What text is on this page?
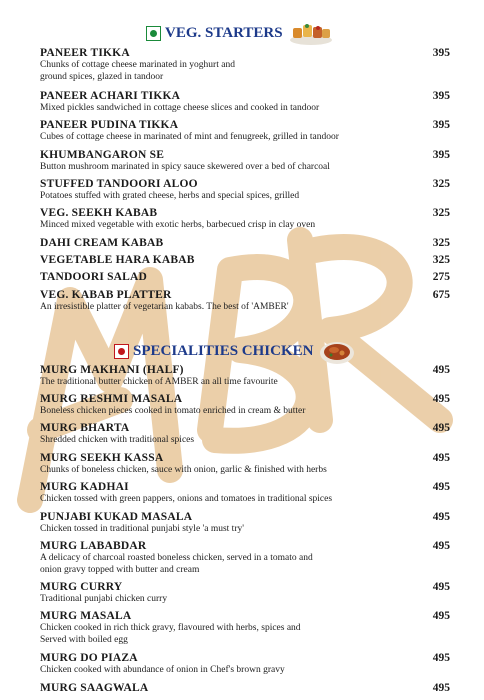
VEG. STARTERS
PANEER TIKKA	395
Chunks of cottage cheese marinated in yoghurt and
ground spices, glazed in tandoor
PANEER ACHARI TIKKA	395
Mixed pickles sandwiched in cottage cheese slices and cooked in tandoor
PANEER PUDINA TIKKA	395
Cubes of cottage cheese in marinated of mint and fenugreek, grilled in tandoor
KHUMBANGARON SE	395
Button mushroom marinated in spicy sauce skewered over a bed of charcoal
STUFFED TANDOORI ALOO	325
Potatoes stuffed with grated cheese, herbs and special spices, grilled
VEG. SEEKH KABAB	325
Minced mixed vegetable with exotic herbs, barbecued crisp in clay oven
DAHI CREAM KABAB	325
VEGETABLE HARA KABAB	325
TANDOORI SALAD	275
VEG. KABAB PLATTER	675
An irresistible platter of vegetarian kababs. The best of 'AMBER'
SPECIALITIES CHICKEN
MURG MAKHANI (HALF)	495
The traditional butter chicken of AMBER an all time favourite
MURG RESHMI MASALA	495
Boneless chicken pieces cooked in tomato enriched in cream & butter
MURG BHARTA	495
Shredded chicken with traditional spices
MURG SEEKH KASSA	495
Chunks of boneless chicken, sauce with onion, garlic & finished with herbs
MURG KADHAI	495
Chicken tossed with green pappers, onions and tomatoes in traditional spices
PUNJABI KUKAD MASALA	495
Chicken tossed in traditional punjabi style 'a must try'
MURG LABABDAR	495
A delicacy of charcoal roasted boneless chicken, served in a tomato and
onion gravy topped with butter and cream
MURG CURRY	495
Traditional punjabi chicken curry
MURG MASALA	495
Chicken cooked in rich thick gravy, flavoured with herbs, spices and
Served with boiled egg
MURG DO PIAZA	495
Chicken cooked with abundance of onion in Chef's brown gravy
MURG SAAGWALA	495
